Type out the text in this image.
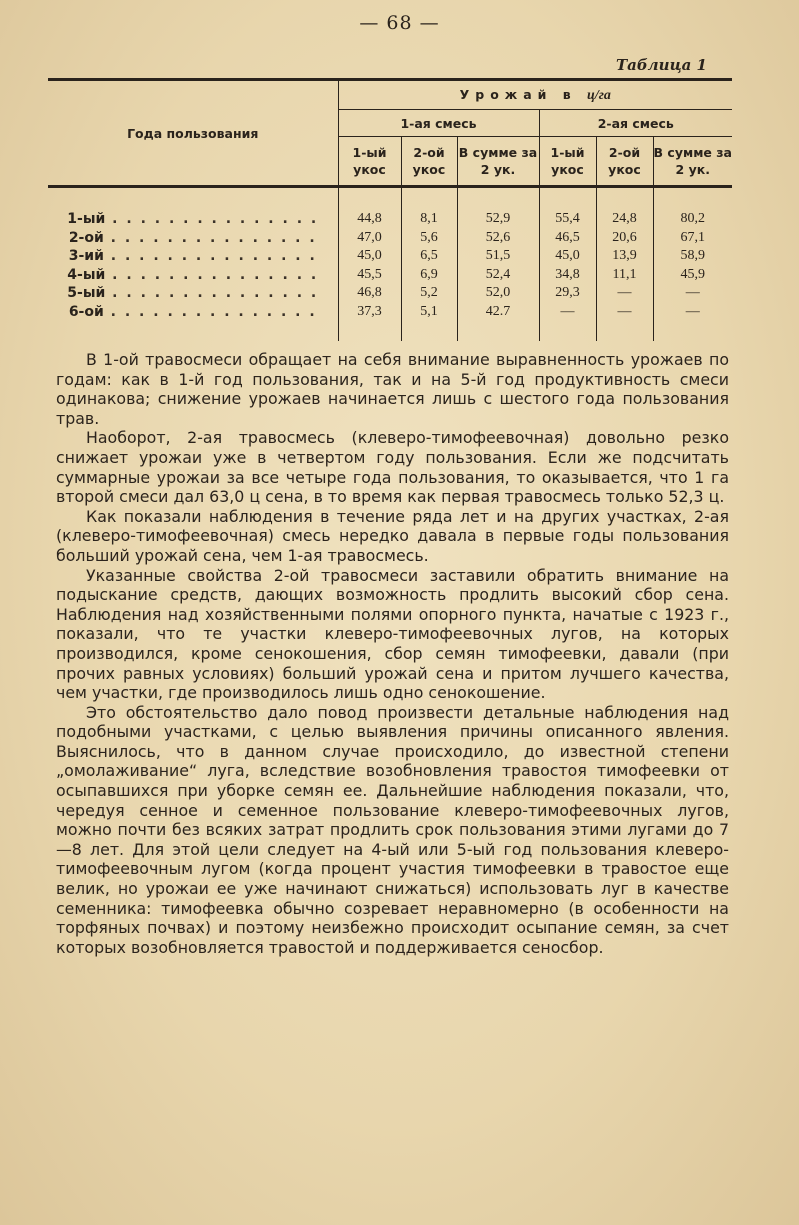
— 68 —
Таблица 1
Года пользования	Урожай в ц/га					
	1-ая смесь			2-ая смесь		
	1-ый укос	2-ой укос	В сумме за 2 ук.	1-ый укос	2-ой укос	В сумме за 2 ук.

1-ый . . . . . . . . . . . . . . .	44,8	8,1	52,9	55,4	24,8	80,2
2-ой . . . . . . . . . . . . . . .	47,0	5,6	52,6	46,5	20,6	67,1
3-ий . . . . . . . . . . . . . . .	45,0	6,5	51,5	45,0	13,9	58,9
4-ый . . . . . . . . . . . . . . .	45,5	6,9	52,4	34,8	11,1	45,9
5-ый . . . . . . . . . . . . . . .	46,8	5,2	52,0	29,3	—	—
6-ой . . . . . . . . . . . . . . .	37,3	5,1	42.7	—	—	—

В 1-ой травосмеси обращает на себя внимание выравненность урожаев по годам: как в 1-й год пользования, так и на 5-й год продуктивность смеси одинакова; снижение урожаев начинается лишь с шестого года пользования трав.

Наоборот, 2-ая травосмесь (клеверо-тимофеевочная) довольно резко снижает урожаи уже в четвертом году пользования. Если же подсчитать суммарные урожаи за все четыре года пользования, то оказывается, что 1 га второй смеси дал 63,0 ц сена, в то время как первая травосмесь только 52,3 ц.

Как показали наблюдения в течение ряда лет и на других участках, 2-ая (клеверо-тимофеевочная) смесь нередко давала в первые годы пользования больший урожай сена, чем 1-ая травосмесь.

Указанные свойства 2-ой травосмеси заставили обратить внимание на подыскание средств, дающих возможность продлить высокий сбор сена. Наблюдения над хозяйственными полями опорного пункта, начатые с 1923 г., показали, что те участки клеверо-тимофеевочных лугов, на которых производился, кроме сенокошения, сбор семян тимофеевки, давали (при прочих равных условиях) больший урожай сена и притом лучшего качества, чем участки, где производилось лишь одно сенокошение.

Это обстоятельство дало повод произвести детальные наблюдения над подобными участками, с целью выявления причины описанного явления. Выяснилось, что в данном случае происходило, до известной степени „омолаживание“ луга, вследствие возобновления травостоя тимофеевки от осыпавшихся при уборке семян ее. Дальнейшие наблюдения показали, что, чередуя сенное и семенное пользование клеверо-тимофеевочных лугов, можно почти без всяких затрат продлить срок пользования этими лугами до 7—8 лет. Для этой цели следует на 4-ый или 5-ый год пользования клеверо-тимофеевочным лугом (когда процент участия тимофеевки в травостое еще велик, но урожаи ее уже начинают снижаться) использовать луг в качестве семенника: тимофеевка обычно созревает неравномерно (в особенности на торфяных почвах) и поэтому неизбежно происходит осыпание семян, за счет которых возобновляется травостой и поддерживается сеносбор.
